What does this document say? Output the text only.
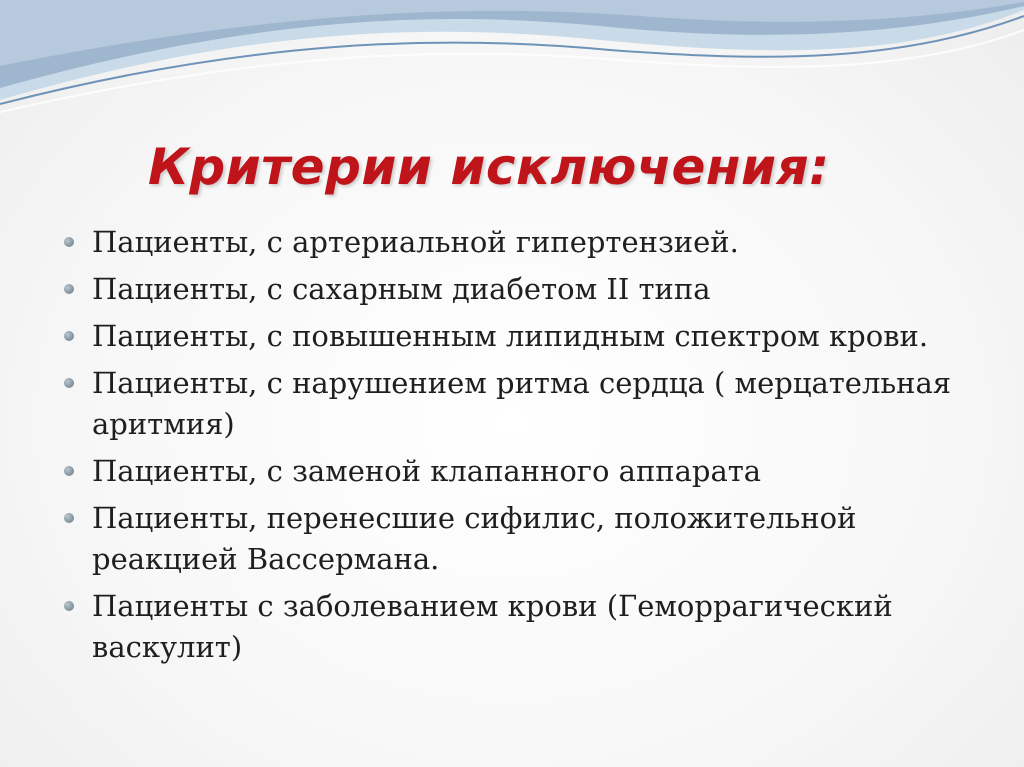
Критерии исключения:
Пациенты, с артериальной гипертензией.
Пациенты, с сахарным диабетом II типа
Пациенты, с повышенным липидным спектром крови.
Пациенты, с нарушением ритма сердца ( мерцательная аритмия)
Пациенты, с заменой клапанного аппарата
Пациенты, перенесшие сифилис, положительной реакцией Вассермана.
Пациенты с заболеванием крови (Геморрагический васкулит)
